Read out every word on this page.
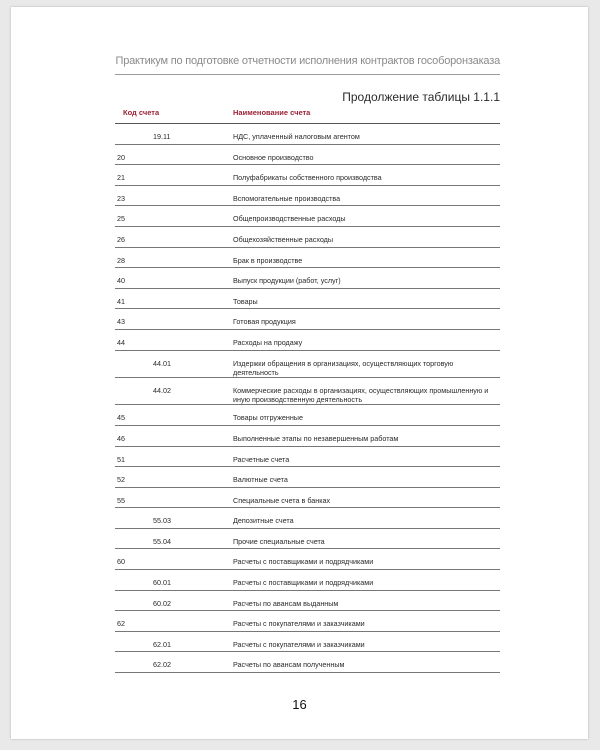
Практикум по подготовке отчетности исполнения контрактов гособоронзаказа
Продолжение таблицы 1.1.1
Код счета	Наименование счета
19.11	НДС, уплаченный налоговым агентом
20	Основное производство
21	Полуфабрикаты собственного производства
23	Вспомогательные производства
25	Общепроизводственные расходы
26	Общехозяйственные расходы
28	Брак в производстве
40	Выпуск продукции (работ, услуг)
41	Товары
43	Готовая продукция
44	Расходы на продажу
44.01	Издержки обращения в организациях, осуществляющих торговую деятельность
44.02	Коммерческие расходы в организациях, осуществляющих промышленную и иную производственную деятельность
45	Товары отгруженные
46	Выполненные этапы по незавершенным работам
51	Расчетные счета
52	Валютные счета
55	Специальные счета в банках
55.03	Депозитные счета
55.04	Прочие специальные счета
60	Расчеты с поставщиками и подрядчиками
60.01	Расчеты с поставщиками и подрядчиками
60.02	Расчеты по авансам выданным
62	Расчеты с покупателями и заказчиками
62.01	Расчеты с покупателями и заказчиками
62.02	Расчеты по авансам полученным
16
